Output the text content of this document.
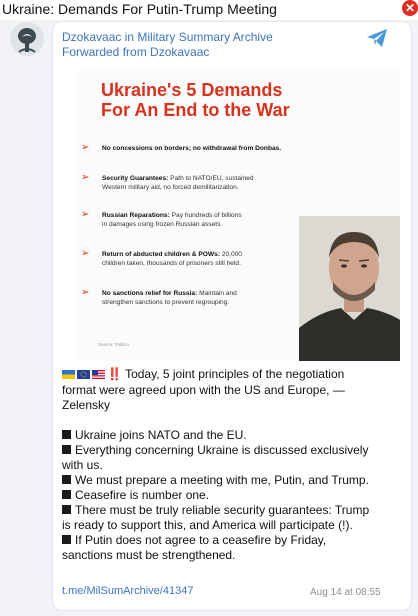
Ukraine: Demands For Putin-Trump Meeting	✕
Dzokavaac in Military Summary Archive
Forwarded from Dzokavaac
Ukraine's 5 Demands
For An End to the War
➢ No concessions on borders; no withdrawal from Donbas.
➢ Security Guarantees: Path to NATO/EU, sustained
Western military aid, no forced demilitarization.
➢ Russian Reparations: Pay hundreds of billions
in damages using frozen Russian assets.
➢ Return of abducted children & POWs: 20,000
children taken, thousands of prisoners still held.
➢ No sanctions relief for Russia: Maintain and
strengthen sanctions to prevent regrouping.
Source: Politico
‼️ Today, 5 joint principles of the negotiation
format were agreed upon with the US and Europe, —
Zelensky
Ukraine joins NATO and the EU.
Everything concerning Ukraine is discussed exclusively
with us.
We must prepare a meeting with me, Putin, and Trump.
Ceasefire is number one.
There must be truly reliable security guarantees: Trump
is ready to support this, and America will participate (!).
If Putin does not agree to a ceasefire by Friday,
sanctions must be strengthened.
t.me/MilSumArchive/41347	Aug 14 at 08:55
